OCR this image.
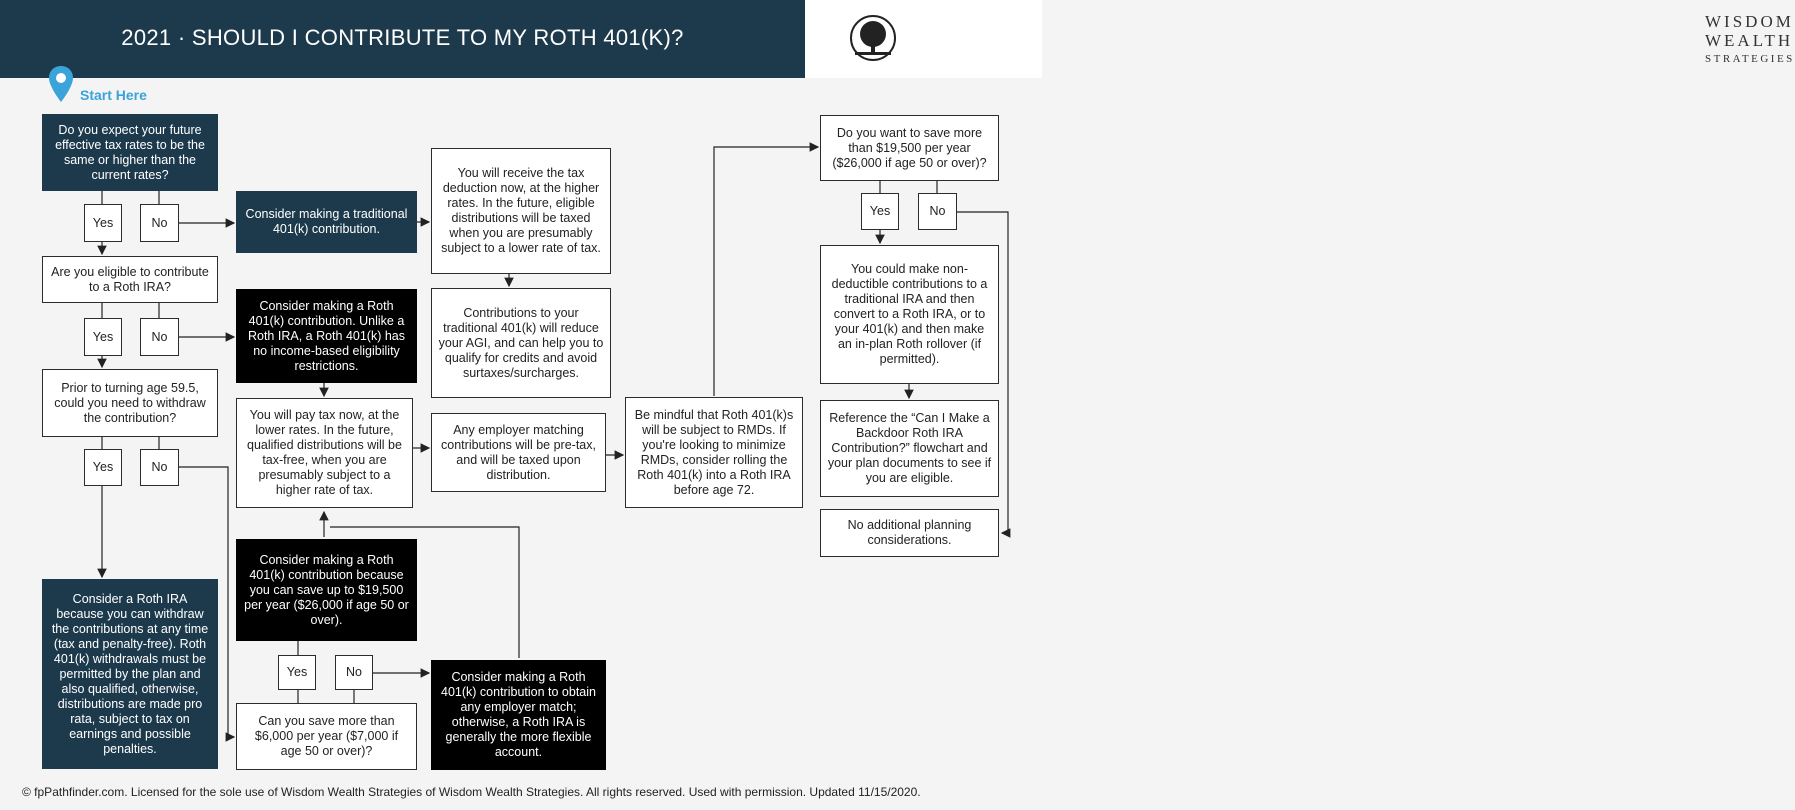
2021 · SHOULD I CONTRIBUTE TO MY ROTH 401(K)?
WISDOM
WEALTH
STRATEGIES
Start Here
Do you expect your future effective tax rates to be the same or higher than the current rates?
Yes	No
Are you eligible to contribute to a Roth IRA?
Yes	No
Prior to turning age 59.5, could you need to withdraw the contribution?
Yes	No
Consider a Roth IRA because you can withdraw the contributions at any time (tax and penalty-free). Roth 401(k) withdrawals must be permitted by the plan and also qualified, otherwise, distributions are made pro rata, subject to tax on earnings and possible penalties.
Consider making a traditional 401(k) contribution.
You will receive the tax deduction now, at the higher rates. In the future, eligible distributions will be taxed when you are presumably subject to a lower rate of tax.
Contributions to your traditional 401(k) will reduce your AGI, and can help you to qualify for credits and avoid surtaxes/surcharges.
Consider making a Roth 401(k) contribution. Unlike a Roth IRA, a Roth 401(k) has no income-based eligibility restrictions.
You will pay tax now, at the lower rates. In the future, qualified distributions will be tax-free, when you are presumably subject to a higher rate of tax.
Any employer matching contributions will be pre-tax, and will be taxed upon distribution.
Be mindful that Roth 401(k)s will be subject to RMDs. If you're looking to minimize RMDs, consider rolling the Roth 401(k) into a Roth IRA before age 72.
Consider making a Roth 401(k) contribution because you can save up to $19,500 per year ($26,000 if age 50 or over).
Yes	No
Can you save more than $6,000 per year ($7,000 if age 50 or over)?
Consider making a Roth 401(k) contribution to obtain any employer match; otherwise, a Roth IRA is generally the more flexible account.
Do you want to save more than $19,500 per year ($26,000 if age 50 or over)?
Yes	No
You could make non-deductible contributions to a traditional IRA and then convert to a Roth IRA, or to your 401(k) and then make an in-plan Roth rollover (if permitted).
Reference the “Can I Make a Backdoor Roth IRA Contribution?” flowchart and your plan documents to see if you are eligible.
No additional planning considerations.
© fpPathfinder.com. Licensed for the sole use of Wisdom Wealth Strategies of Wisdom Wealth Strategies. All rights reserved. Used with permission. Updated 11/15/2020.
